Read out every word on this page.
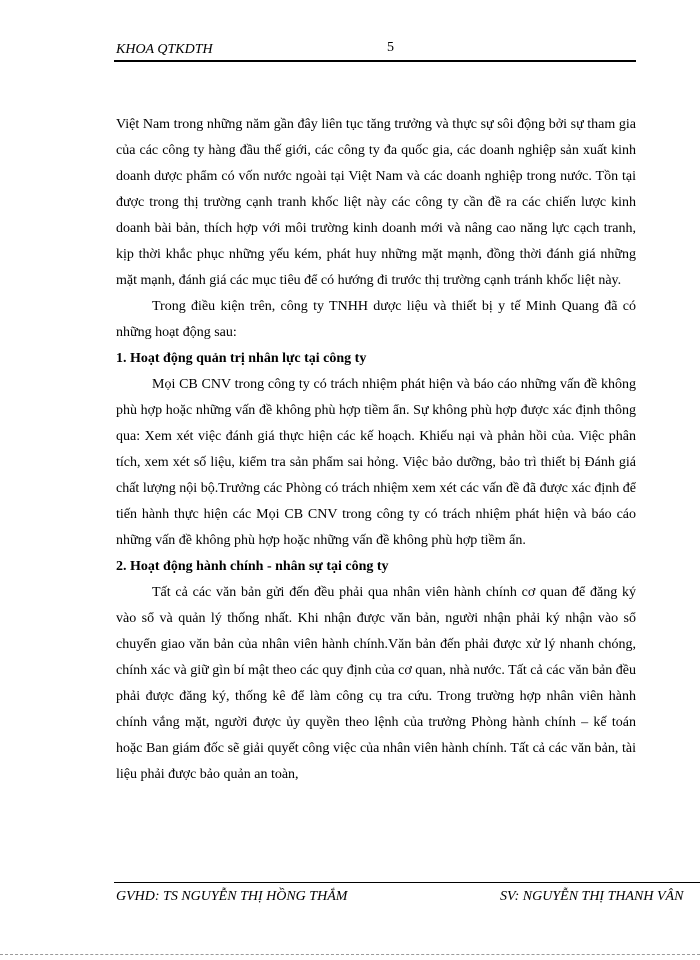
KHOA QTKDTH	5

Việt Nam trong những năm gần đây liên tục tăng trưởng và thực sự sôi động bởi sự tham gia của các công ty hàng đầu thế giới, các công ty đa quốc gia, các doanh nghiệp sản xuất kinh doanh dược phẩm có vốn nước ngoài tại Việt Nam và các doanh nghiệp trong nước. Tồn tại được trong thị trường cạnh tranh khốc liệt này các công ty cần đề ra các chiến lược kinh doanh bài bản, thích hợp với môi trường kinh doanh mới và nâng cao năng lực cạch tranh, kịp thời khắc phục những yếu kém, phát huy những mặt mạnh, đồng thời đánh giá những mặt mạnh, đánh giá các mục tiêu để có hướng đi trước thị trường cạnh tránh khốc liệt này.

Trong điều kiện trên, công ty TNHH dược liệu và thiết bị y tế Minh Quang đã có những hoạt động sau:

1. Hoạt động quản trị nhân lực tại công ty

Mọi CB CNV trong công ty có trách nhiệm phát hiện và báo cáo những vấn đề không phù hợp hoặc những vấn đề không phù hợp tiềm ẩn. Sự không phù hợp được xác định thông qua: Xem xét việc đánh giá thực hiện các kế hoạch. Khiếu nại và phản hồi của. Việc phân tích, xem xét số liệu, kiểm tra sản phẩm sai hỏng. Việc bảo dưỡng, bảo trì thiết bị Đánh giá chất lượng nội bộ.Trưởng các Phòng có trách nhiệm xem xét các vấn đề đã được xác định để tiến hành thực hiện các Mọi CB CNV trong công ty có trách nhiệm phát hiện và báo cáo những vấn đề không phù hợp hoặc những vấn đề không phù hợp tiềm ẩn.

2. Hoạt động hành chính - nhân sự tại công ty

Tất cả các văn bản gửi đến đều phải qua nhân viên hành chính cơ quan để đăng ký vào sổ và quản lý thống nhất. Khi nhận được văn bản, người nhận phải ký nhận vào sổ chuyển giao văn bản của nhân viên hành chính.Văn bản đến phải được xử lý nhanh chóng, chính xác và giữ gìn bí mật theo các quy định của cơ quan, nhà nước. Tất cả các văn bản đều phải được đăng ký, thống kê để làm công cụ tra cứu. Trong trường hợp nhân viên hành chính vắng mặt, người được ủy quyền theo lệnh của trưởng Phòng hành chính – kế toán hoặc Ban giám đốc sẽ giải quyết công việc của nhân viên hành chính. Tất cả các văn bản, tài liệu phải được bảo quản an toàn,

GVHD: TS NGUYỄN THỊ HỒNG THẮM	SV: NGUYỄN THỊ THANH VÂN
